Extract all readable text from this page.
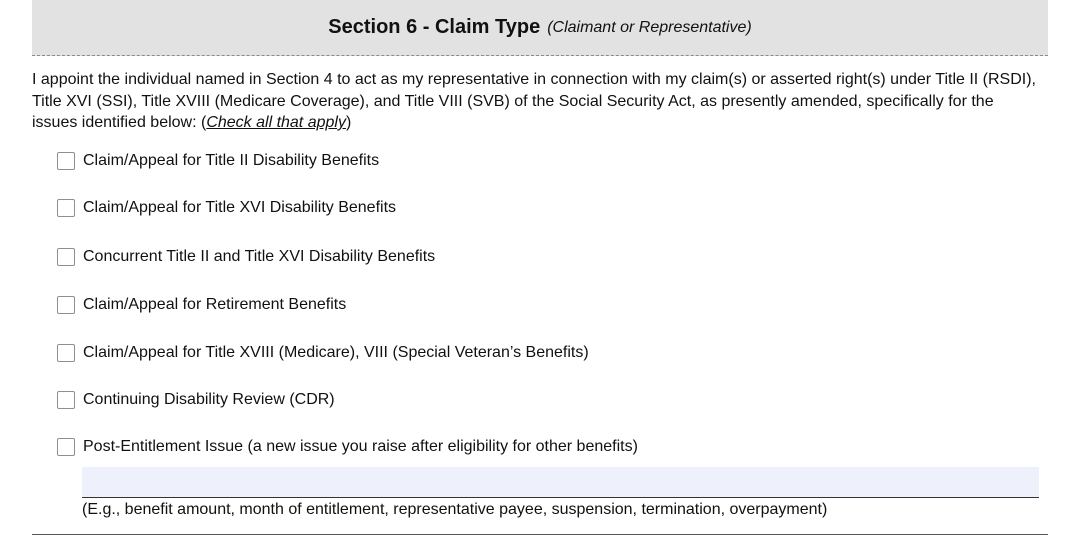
Section 6 - Claim Type (Claimant or Representative)

I appoint the individual named in Section 4 to act as my representative in connection with my claim(s) or asserted right(s) under Title II (RSDI), Title XVI (SSI), Title XVIII (Medicare Coverage), and Title VIII (SVB) of the Social Security Act, as presently amended, specifically for the issues identified below: (Check all that apply)

Claim/Appeal for Title II Disability Benefits
Claim/Appeal for Title XVI Disability Benefits
Concurrent Title II and Title XVI Disability Benefits
Claim/Appeal for Retirement Benefits
Claim/Appeal for Title XVIII (Medicare), VIII (Special Veteran’s Benefits)
Continuing Disability Review (CDR)
Post-Entitlement Issue (a new issue you raise after eligibility for other benefits)
(E.g., benefit amount, month of entitlement, representative payee, suspension, termination, overpayment)
